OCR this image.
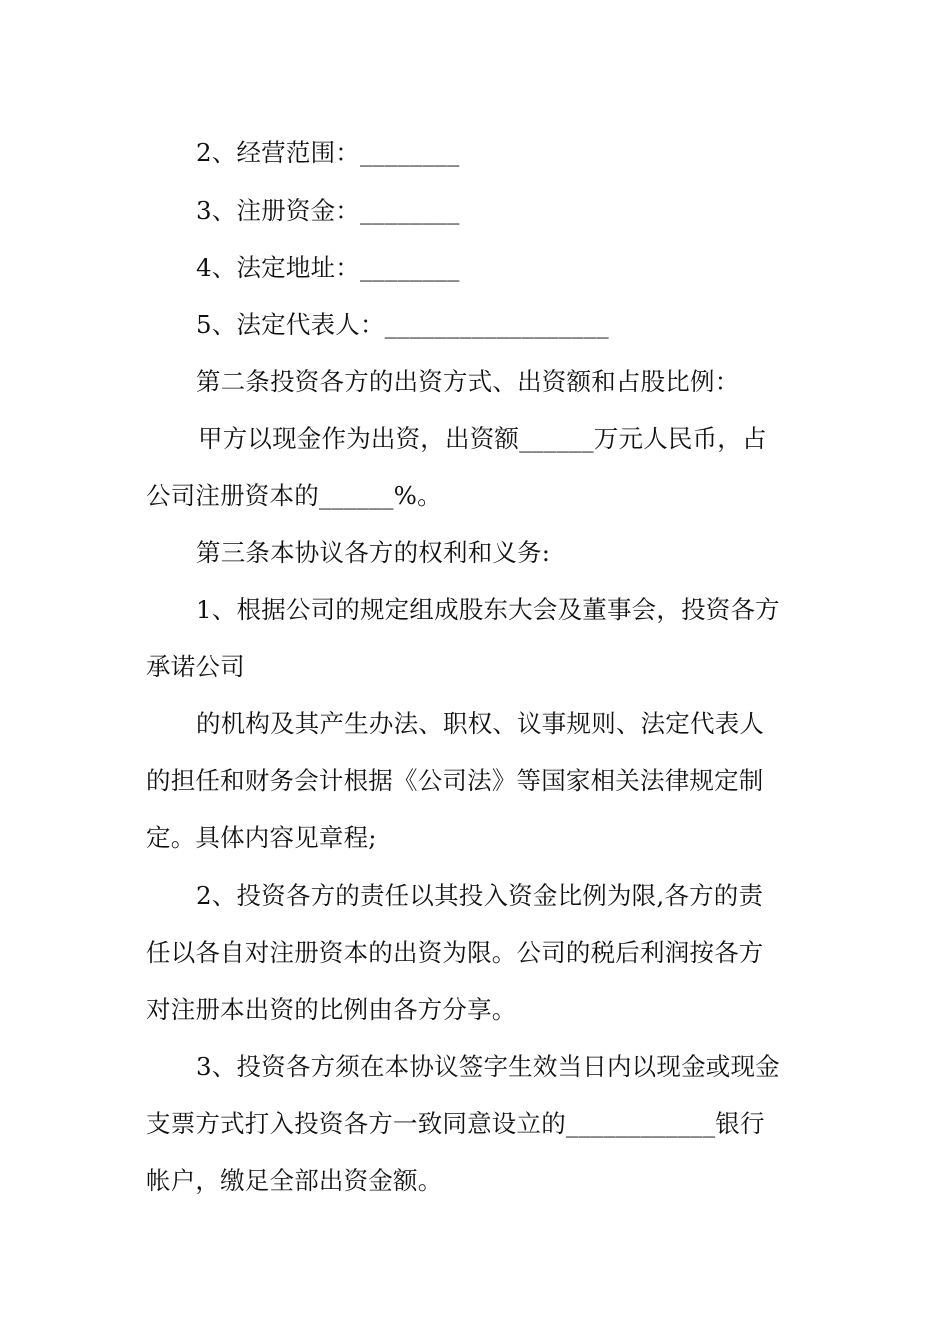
2、经营范围：________
3、注册资金：________
4、法定地址：________
5、法定代表人：__________________
第二条投资各方的出资方式、出资额和占股比例：
甲方以现金作为出资，出资额______万元人民币，占
公司注册资本的______%。
第三条本协议各方的权利和义务:
1、根据公司的规定组成股东大会及董事会，投资各方
承诺公司
的机构及其产生办法、职权、议事规则、法定代表人
的担任和财务会计根据《公司法》等国家相关法律规定制
定。具体内容见章程;
2、投资各方的责任以其投入资金比例为限,各方的责
任以各自对注册资本的出资为限。公司的税后利润按各方
对注册本出资的比例由各方分享。
3、投资各方须在本协议签字生效当日内以现金或现金
支票方式打入投资各方一致同意设立的____________银行
帐户，缴足全部出资金额。
